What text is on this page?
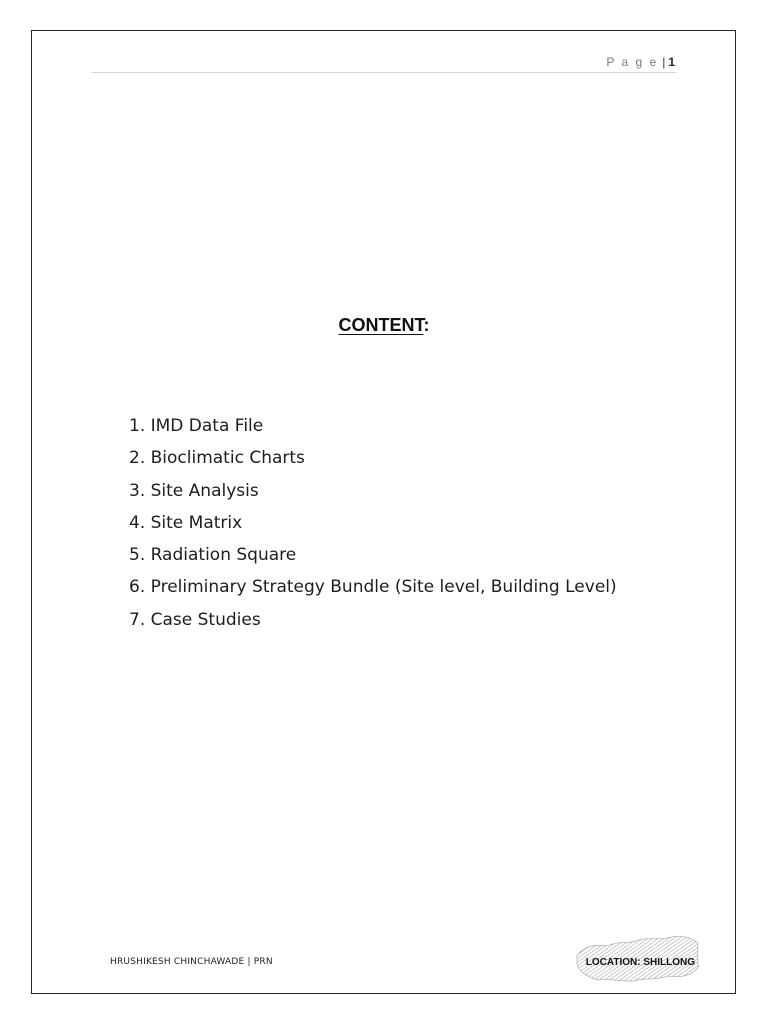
P a g e |1
CONTENT:
1. IMD Data File
2. Bioclimatic Charts
3. Site Analysis
4. Site Matrix
5. Radiation Square
6. Preliminary Strategy Bundle (Site level, Building Level)
7. Case Studies
HRUSHIKESH CHINCHAWADE | PRN	LOCATION: SHILLONG
